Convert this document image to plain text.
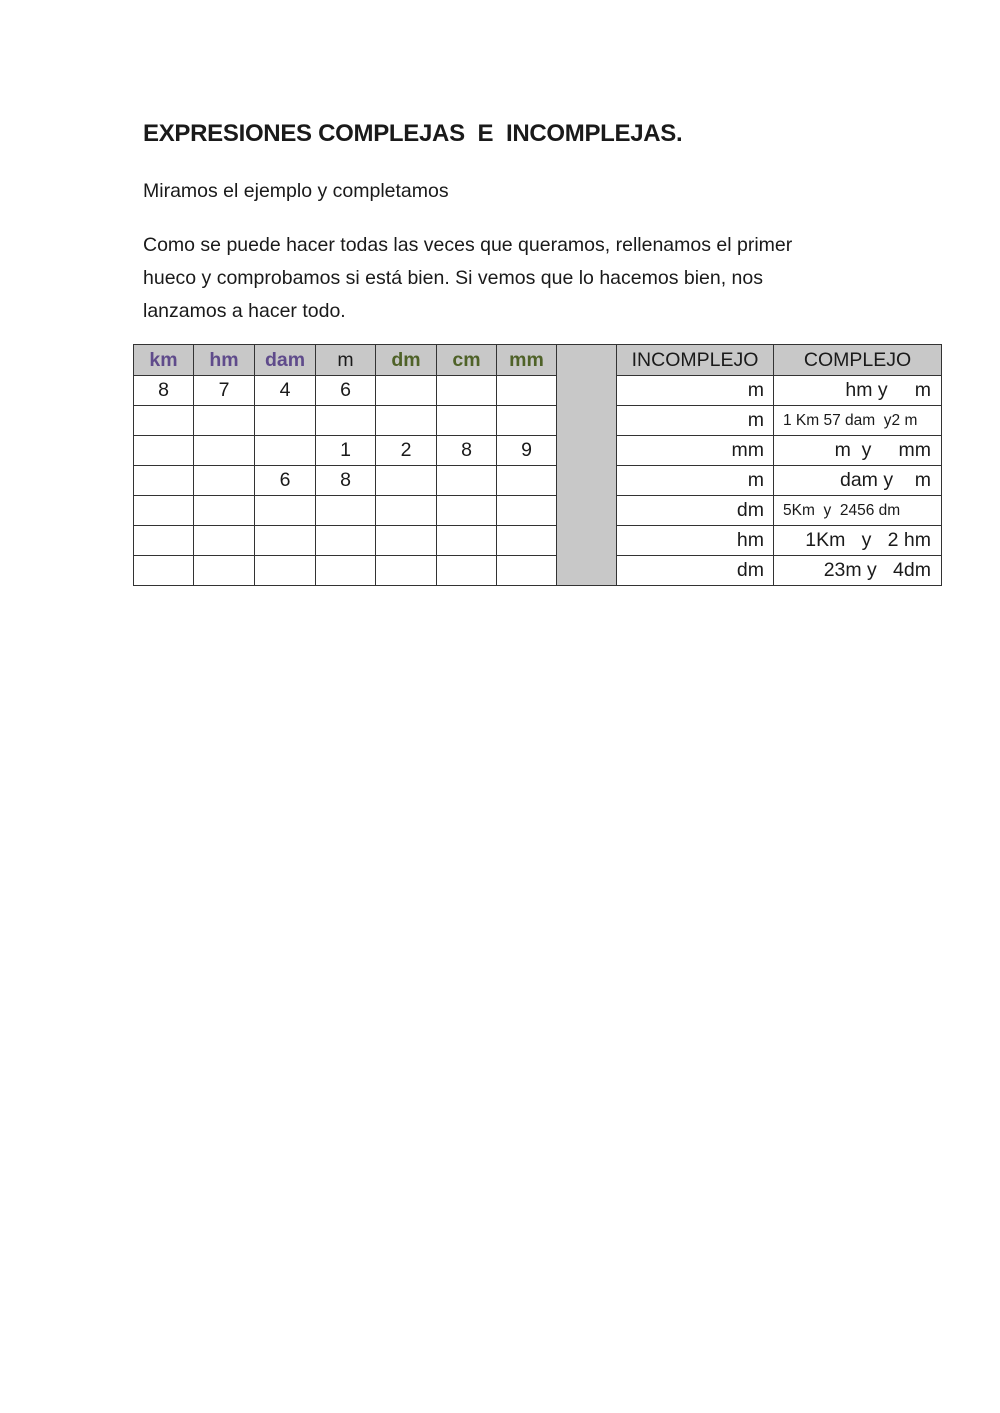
EXPRESIONES COMPLEJAS  E  INCOMPLEJAS.
Miramos el ejemplo y completamos
Como se puede hacer todas las veces que queramos, rellenamos el primer
hueco y comprobamos si está bien. Si vemos que lo hacemos bien, nos
lanzamos a hacer todo.
km	hm	dam	m	dm	cm	mm		INCOMPLEJO	COMPLEJO
8	7	4	6					m	hm y     m
								m	1 Km 57 dam  y2 m
			1	2	8	9		mm	m  y     mm
		6	8					m	dam y    m
								dm	5Km  y  2456 dm
								hm	1Km   y   2 hm
								dm	23m y   4dm
